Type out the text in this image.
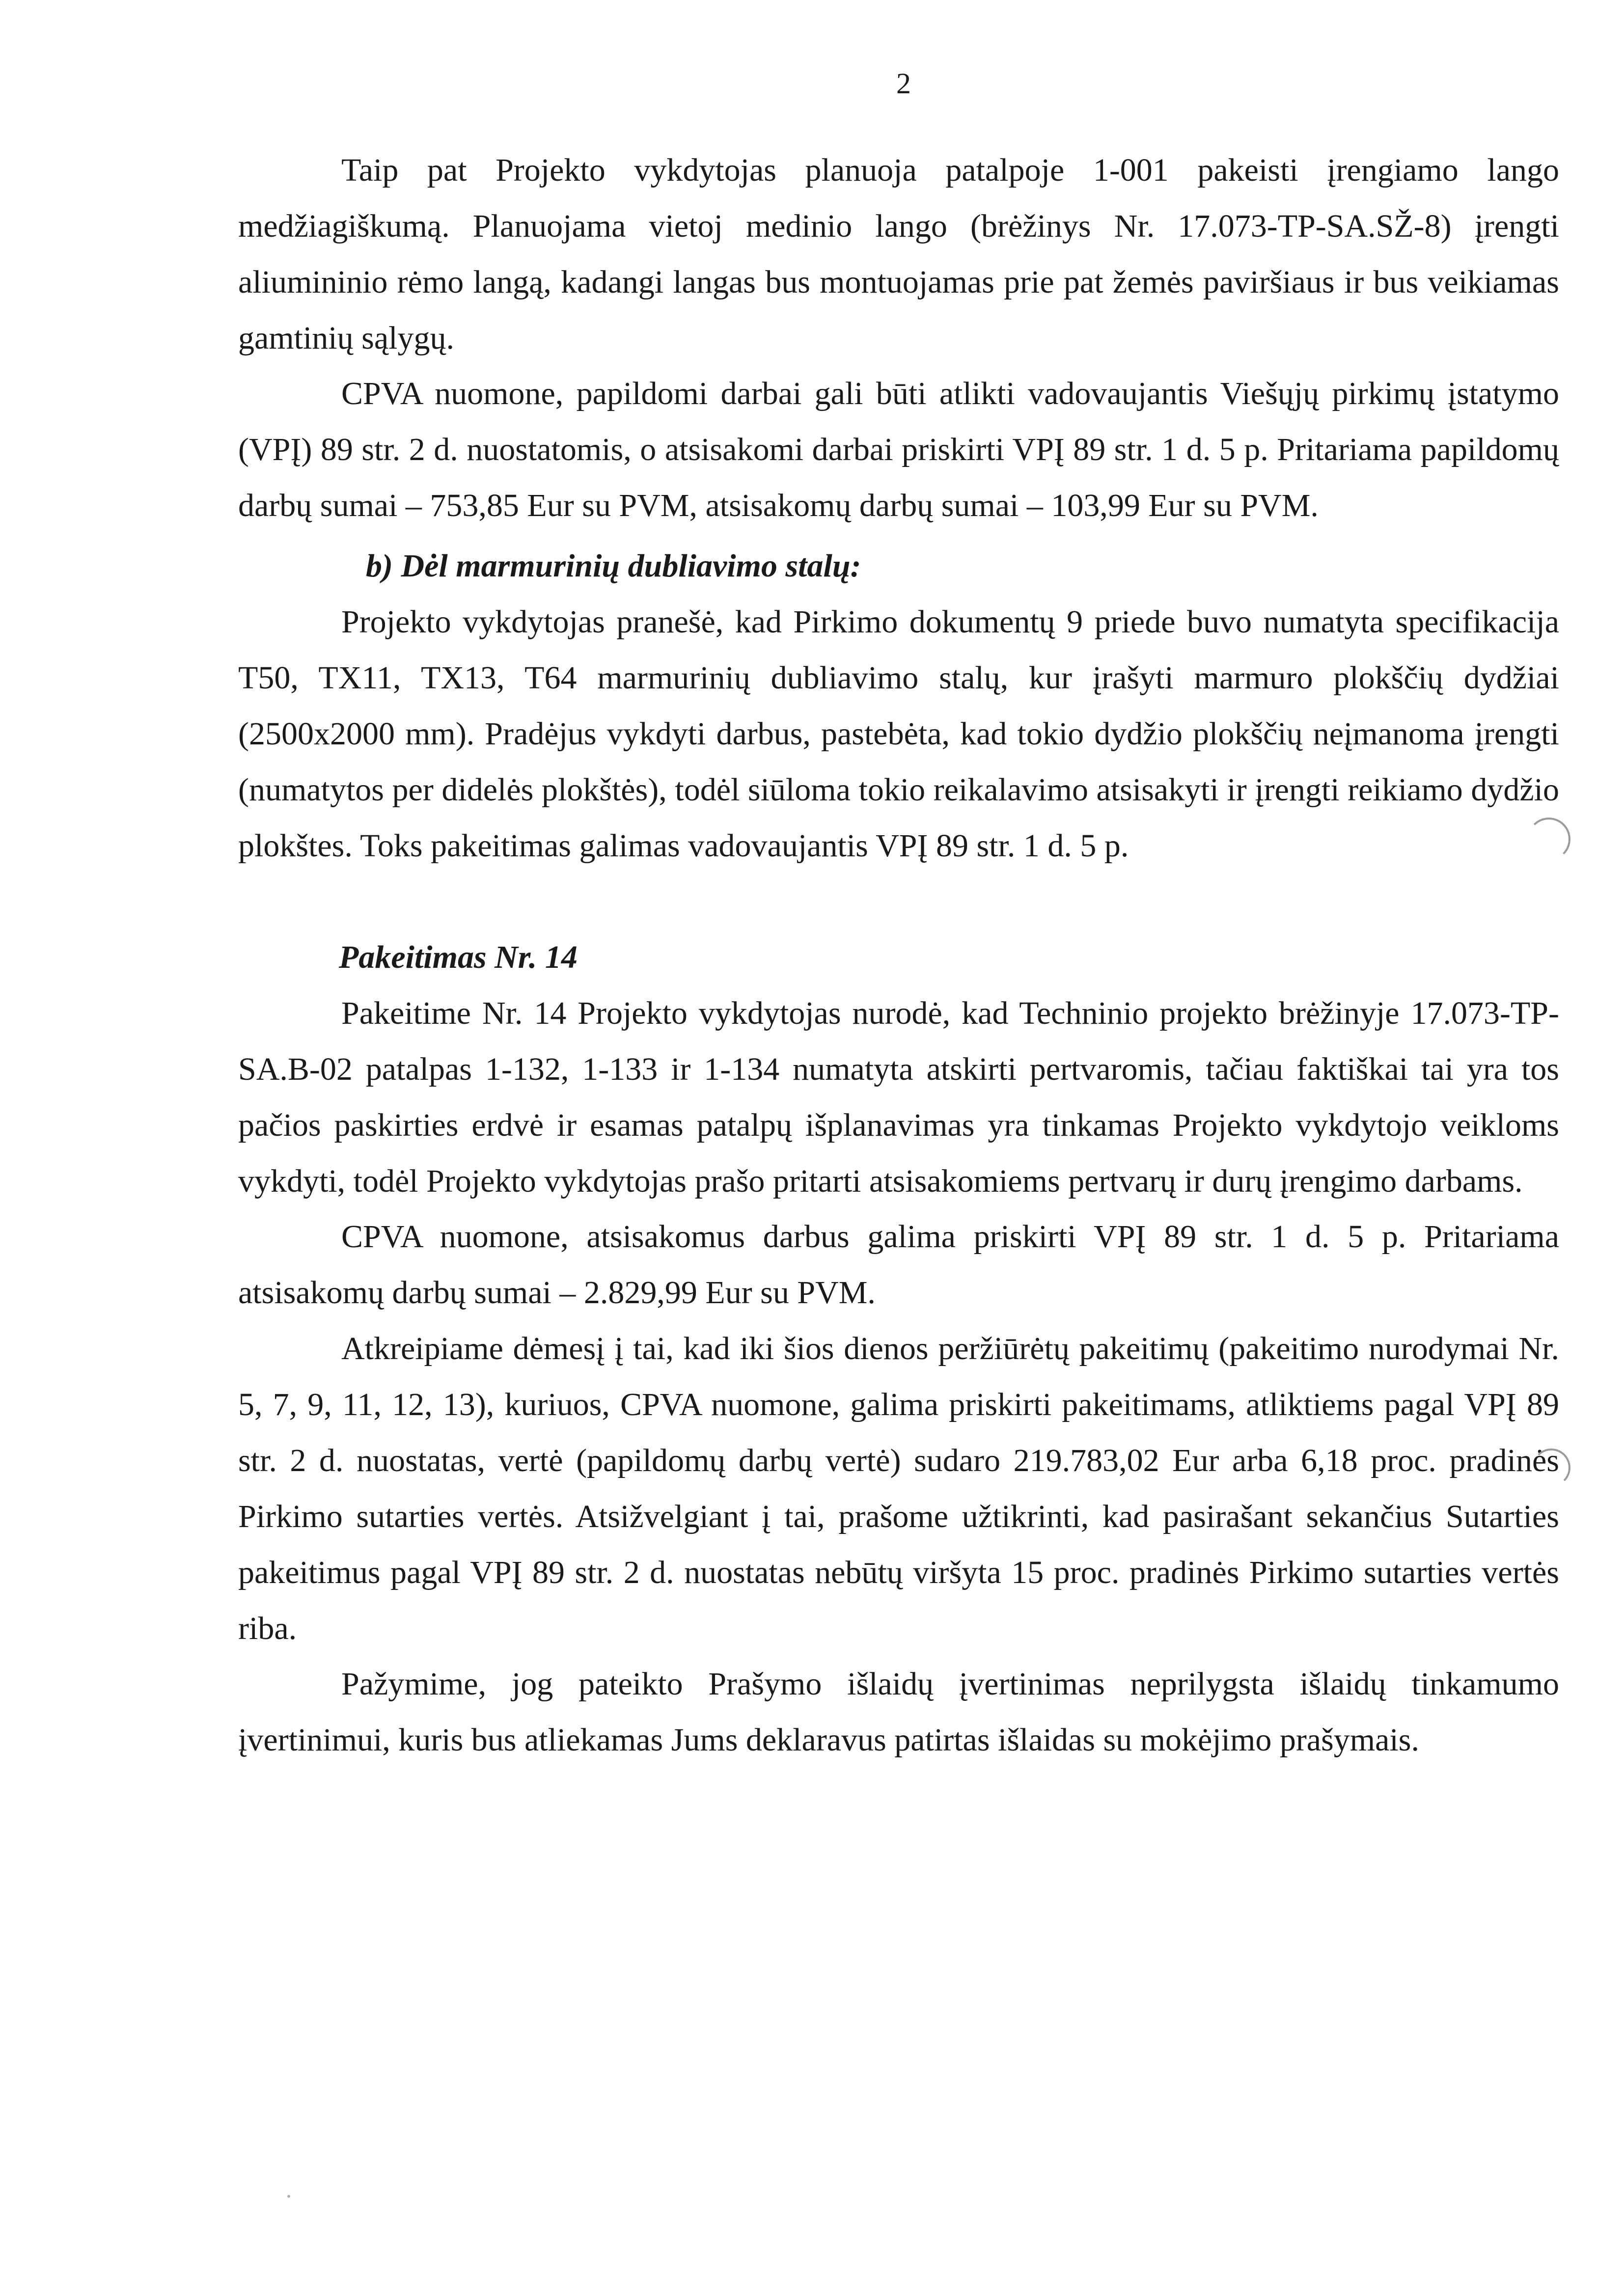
2

Taip pat Projekto vykdytojas planuoja patalpoje 1-001 pakeisti įrengiamo lango medžiagiškumą. Planuojama vietoj medinio lango (brėžinys Nr. 17.073-TP-SA.SŽ-8) įrengti aliumininio rėmo langą, kadangi langas bus montuojamas prie pat žemės paviršiaus ir bus veikiamas gamtinių sąlygų.

CPVA nuomone, papildomi darbai gali būti atlikti vadovaujantis Viešųjų pirkimų įstatymo (VPĮ) 89 str. 2 d. nuostatomis, o atsisakomi darbai priskirti VPĮ 89 str. 1 d. 5 p. Pritariama papildomų darbų sumai – 753,85 Eur su PVM, atsisakomų darbų sumai – 103,99 Eur su PVM.

b) Dėl marmurinių dubliavimo stalų:

Projekto vykdytojas pranešė, kad Pirkimo dokumentų 9 priede buvo numatyta specifikacija T50, TX11, TX13, T64 marmurinių dubliavimo stalų, kur įrašyti marmuro plokščių dydžiai (2500x2000 mm). Pradėjus vykdyti darbus, pastebėta, kad tokio dydžio plokščių neįmanoma įrengti (numatytos per didelės plokštės), todėl siūloma tokio reikalavimo atsisakyti ir įrengti reikiamo dydžio plokštes. Toks pakeitimas galimas vadovaujantis VPĮ 89 str. 1 d. 5 p.

Pakeitimas Nr. 14

Pakeitime Nr. 14 Projekto vykdytojas nurodė, kad Techninio projekto brėžinyje 17.073-TP-SA.B-02 patalpas 1-132, 1-133 ir 1-134 numatyta atskirti pertvaromis, tačiau faktiškai tai yra tos pačios paskirties erdvė ir esamas patalpų išplanavimas yra tinkamas Projekto vykdytojo veikloms vykdyti, todėl Projekto vykdytojas prašo pritarti atsisakomiems pertvarų ir durų įrengimo darbams.

CPVA nuomone, atsisakomus darbus galima priskirti VPĮ 89 str. 1 d. 5 p. Pritariama atsisakomų darbų sumai – 2.829,99 Eur su PVM.

Atkreipiame dėmesį į tai, kad iki šios dienos peržiūrėtų pakeitimų (pakeitimo nurodymai Nr. 5, 7, 9, 11, 12, 13), kuriuos, CPVA nuomone, galima priskirti pakeitimams, atliktiems pagal VPĮ 89 str. 2 d. nuostatas, vertė (papildomų darbų vertė) sudaro 219.783,02 Eur arba 6,18 proc. pradinės Pirkimo sutarties vertės. Atsižvelgiant į tai, prašome užtikrinti, kad pasirašant sekančius Sutarties pakeitimus pagal VPĮ 89 str. 2 d. nuostatas nebūtų viršyta 15 proc. pradinės Pirkimo sutarties vertės riba.

Pažymime, jog pateikto Prašymo išlaidų įvertinimas neprilygsta išlaidų tinkamumo įvertinimui, kuris bus atliekamas Jums deklaravus patirtas išlaidas su mokėjimo prašymais.
